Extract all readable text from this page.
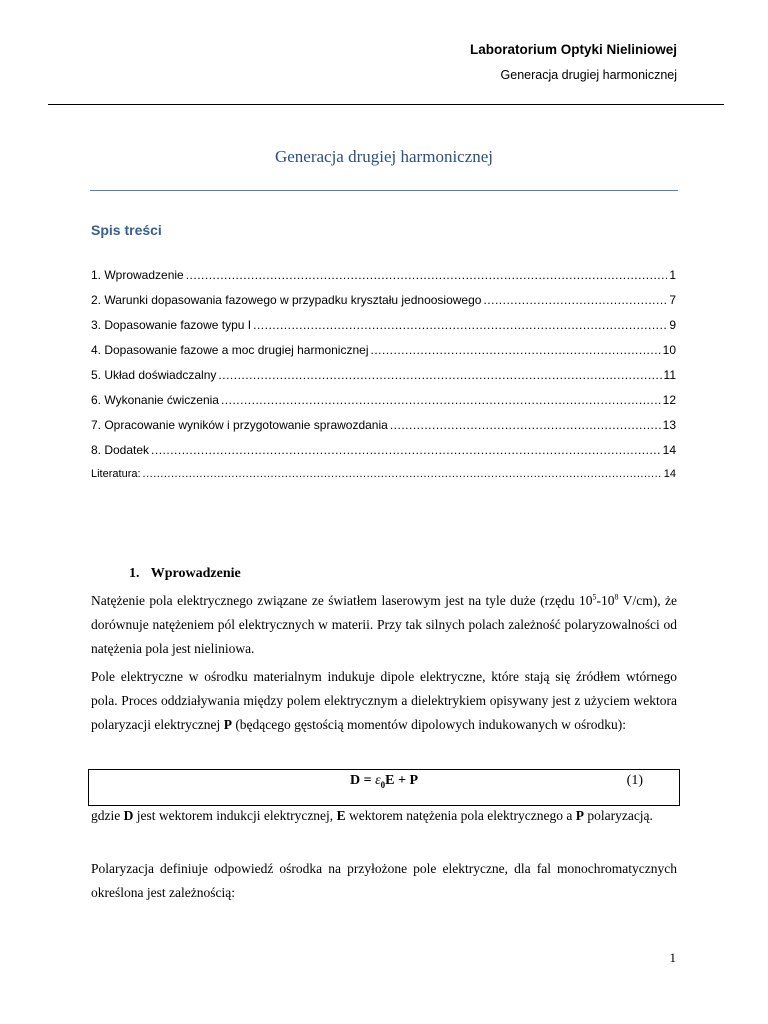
Laboratorium Optyki Nieliniowej
Generacja drugiej harmonicznej
Generacja drugiej harmonicznej
Spis treści
1. Wprowadzenie .....	1
2. Warunki dopasowania fazowego w przypadku kryształu jednoosiowego .....	7
3. Dopasowanie fazowe typu I .....	9
4. Dopasowanie fazowe a moc drugiej harmonicznej .....	10
5. Układ doświadczalny .....	11
6. Wykonanie ćwiczenia .....	12
7. Opracowanie wyników i przygotowanie sprawozdania .....	13
8. Dodatek .....	14
Literatura: .....	14
1. Wprowadzenie

Natężenie pola elektrycznego związane ze światłem laserowym jest na tyle duże (rzędu $10^5-10^8$ V/cm), że dorównuje natężeniem pól elektrycznych w materii. Przy tak silnych polach zależność polaryzowalności od natężenia pola jest nieliniowa.

Pole elektryczne w ośrodku materialnym indukuje dipole elektryczne, które stają się źródłem wtórnego pola. Proces oddziaływania między polem elektrycznym a dielektrykiem opisywany jest z użyciem wektora polaryzacji elektrycznej P (będącego gęstością momentów dipolowych indukowanych w ośrodku):

$D = \varepsilon_0E + P$	(1)

gdzie D jest wektorem indukcji elektrycznej, E wektorem natężenia pola elektrycznego a P polaryzacją.

Polaryzacja definiuje odpowiedź ośrodka na przyłożone pole elektryczne, dla fal monochromatycznych określona jest zależnością:

1
